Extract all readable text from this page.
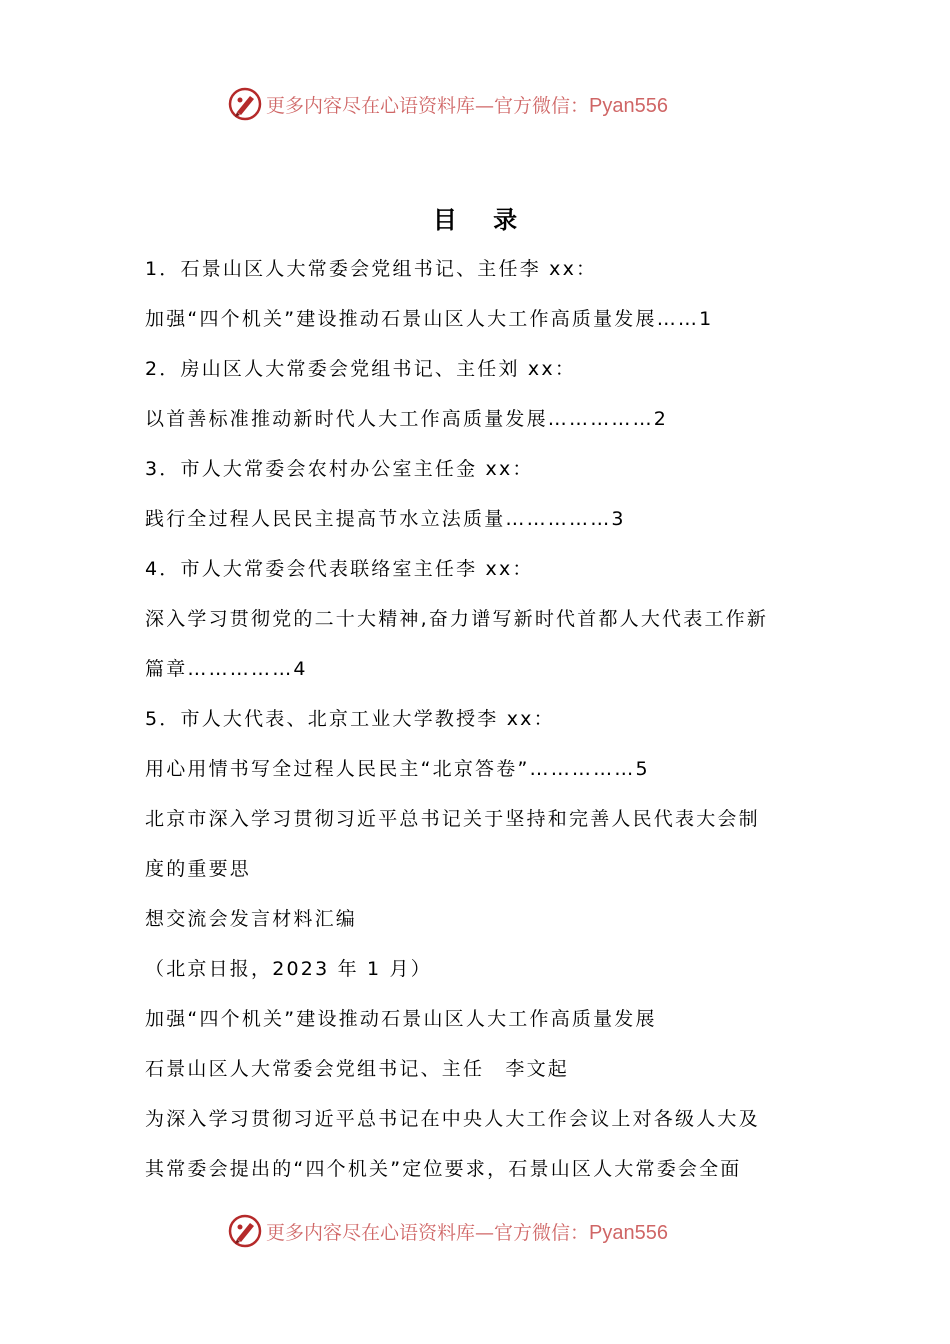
更多内容尽在心语资料库—官方微信：Pyan556
目 录
1．石景山区人大常委会党组书记、主任李 xx：
加强“四个机关”建设推动石景山区人大工作高质量发展……1
2．房山区人大常委会党组书记、主任刘 xx：
以首善标准推动新时代人大工作高质量发展……………2
3．市人大常委会农村办公室主任金 xx：
践行全过程人民民主提高节水立法质量……………3
4．市人大常委会代表联络室主任李 xx：
深入学习贯彻党的二十大精神,奋力谱写新时代首都人大代表工作新
篇章……………4
5．市人大代表、北京工业大学教授李 xx：
用心用情书写全过程人民民主“北京答卷”……………5
北京市深入学习贯彻习近平总书记关于坚持和完善人民代表大会制
度的重要思
想交流会发言材料汇编
（北京日报，2023 年 1 月）
加强“四个机关”建设推动石景山区人大工作高质量发展
石景山区人大常委会党组书记、主任　李文起
为深入学习贯彻习近平总书记在中央人大工作会议上对各级人大及
其常委会提出的“四个机关”定位要求，石景山区人大常委会全面
更多内容尽在心语资料库—官方微信：Pyan556
